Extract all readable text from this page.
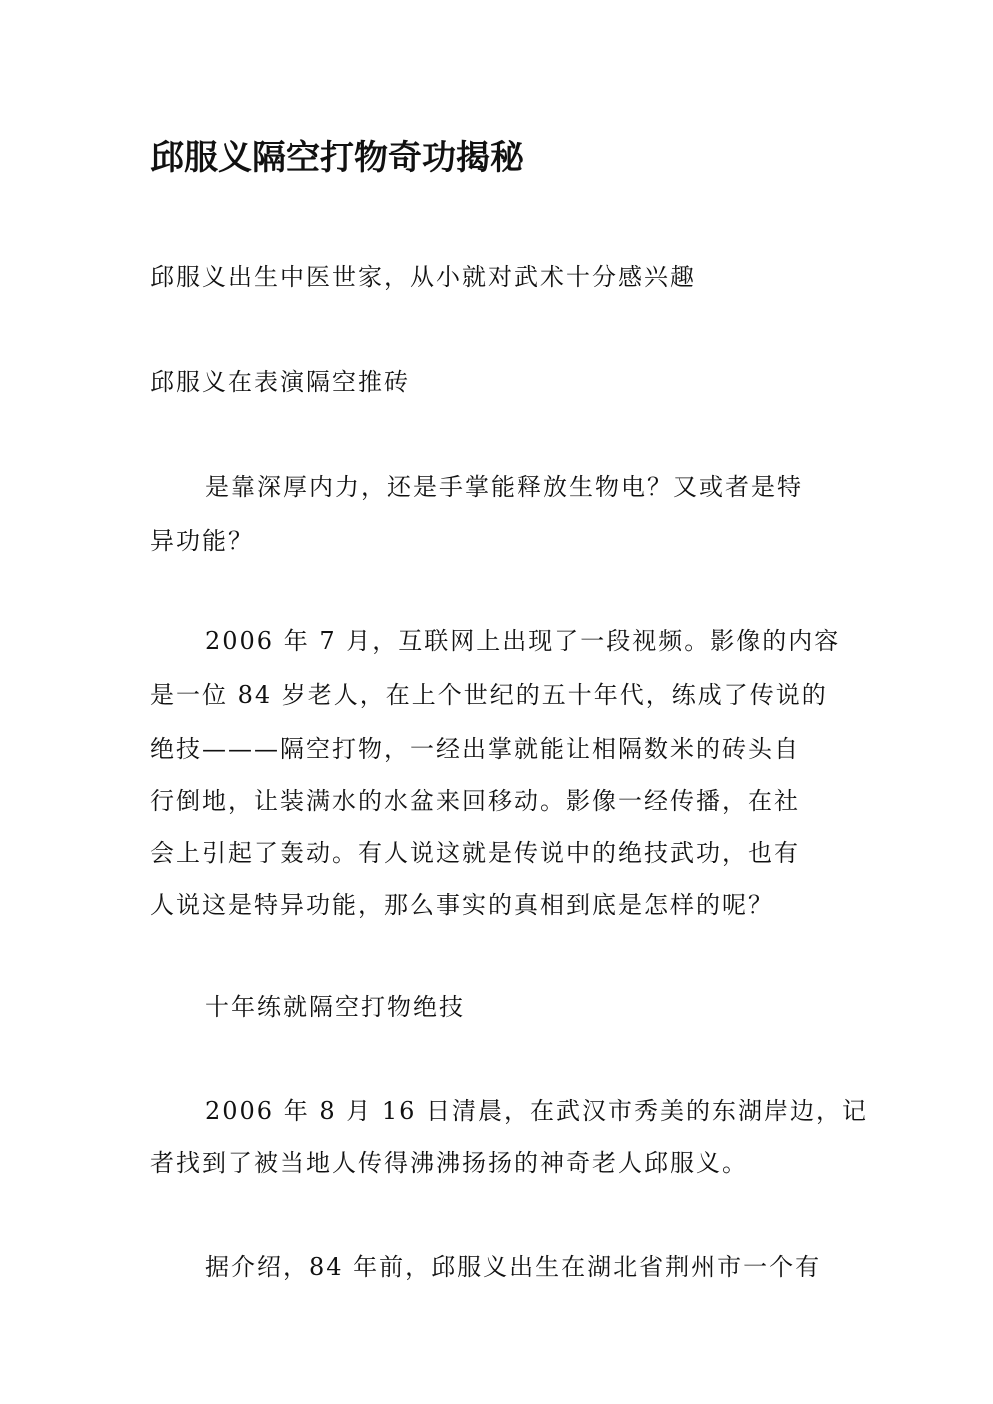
邱服义隔空打物奇功揭秘

邱服义出生中医世家，从小就对武术十分感兴趣

邱服义在表演隔空推砖

是靠深厚内力，还是手掌能释放生物电？又或者是特

异功能？

2006 年 7 月，互联网上出现了一段视频。影像的内容

是一位 84 岁老人，在上个世纪的五十年代，练成了传说的

绝技———隔空打物，一经出掌就能让相隔数米的砖头自

行倒地，让装满水的水盆来回移动。影像一经传播，在社

会上引起了轰动。有人说这就是传说中的绝技武功，也有

人说这是特异功能，那么事实的真相到底是怎样的呢？

十年练就隔空打物绝技

2006 年 8 月 16 日清晨，在武汉市秀美的东湖岸边，记

者找到了被当地人传得沸沸扬扬的神奇老人邱服义。

据介绍，84 年前，邱服义出生在湖北省荆州市一个有
